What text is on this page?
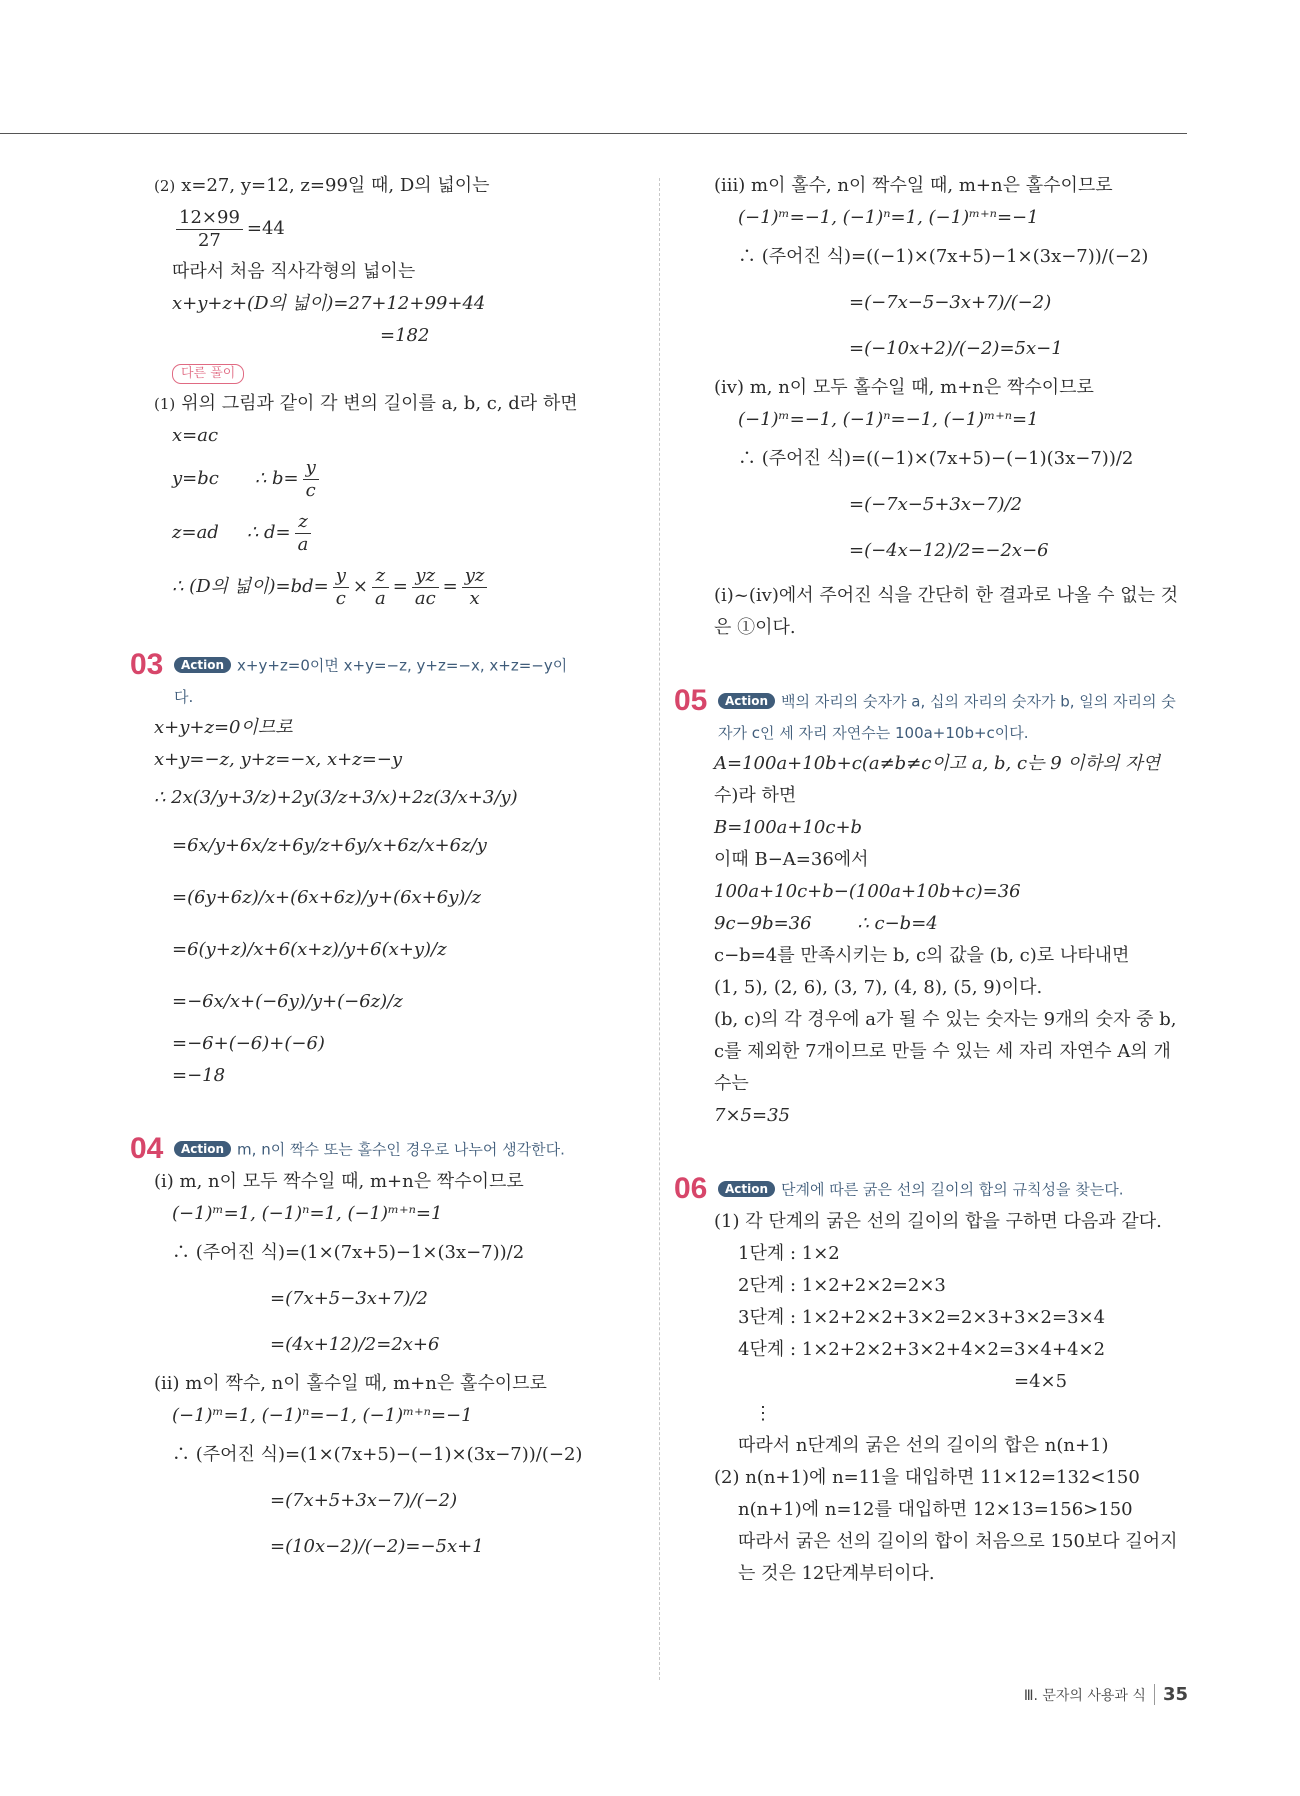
(2) x=27, y=12, z=99일 때, D의 넓이는
$\frac{12\times 99}{27} =44$
따라서 처음 직사각형의 넓이는
x+y+z+(D의 넓이)=27+12+99+44
=182
다른 풀이
(1) 위의 그림과 같이 각 변의 길이를 a, b, c, d라 하면
x=ac
y=bc ∴ $b= \frac{y}{c}$
z=ad ∴ $d= \frac{z}{a}$
∴ (D의 넓이)$=bd= \frac{y}{c} \times \frac{z}{a} = \frac{yz}{ac} = \frac{yz}{x}$
03 Action x+y+z=0이면 x+y=−z, y+z=−x, x+z=−y이
다.
x+y+z=0이므로
x+y=−z, y+z=−x, x+z=−y
∴ 2x(3/y+3/z)+2y(3/z+3/x)+2z(3/x+3/y)
=6x/y+6x/z+6y/z+6y/x+6z/x+6z/y
=(6y+6z)/x+(6x+6z)/y+(6x+6y)/z
=6(y+z)/x+6(x+z)/y+6(x+y)/z
=−6x/x+(−6y)/y+(−6z)/z
=−6+(−6)+(−6)
=−18
04 Action m, n이 짝수 또는 홀수인 경우로 나누어 생각한다.
(ⅰ) m, n이 모두 짝수일 때, m+n은 짝수이므로
(−1)ᵐ=1, (−1)ⁿ=1, (−1)ᵐ⁺ⁿ=1
∴ (주어진 식)=(1×(7x+5)−1×(3x−7))/2
=(7x+5−3x+7)/2
=(4x+12)/2=2x+6
(ⅱ) m이 짝수, n이 홀수일 때, m+n은 홀수이므로
(−1)ᵐ=1, (−1)ⁿ=−1, (−1)ᵐ⁺ⁿ=−1
∴ (주어진 식)=(1×(7x+5)−(−1)×(3x−7))/(−2)
=(7x+5+3x−7)/(−2)
=(10x−2)/(−2)=−5x+1
(ⅲ) m이 홀수, n이 짝수일 때, m+n은 홀수이므로
(−1)ᵐ=−1, (−1)ⁿ=1, (−1)ᵐ⁺ⁿ=−1
∴ (주어진 식)=((−1)×(7x+5)−1×(3x−7))/(−2)
=(−7x−5−3x+7)/(−2)
=(−10x+2)/(−2)=5x−1
(ⅳ) m, n이 모두 홀수일 때, m+n은 짝수이므로
(−1)ᵐ=−1, (−1)ⁿ=−1, (−1)ᵐ⁺ⁿ=1
∴ (주어진 식)=((−1)×(7x+5)−(−1)(3x−7))/2
=(−7x−5+3x−7)/2
=(−4x−12)/2=−2x−6
(ⅰ)~(ⅳ)에서 주어진 식을 간단히 한 결과로 나올 수 없는 것
은 ①이다.
05 Action 백의 자리의 숫자가 a, 십의 자리의 숫자가 b, 일의 자리의 숫
자가 c인 세 자리 자연수는 100a+10b+c이다.
A=100a+10b+c(a≠b≠c이고 a, b, c는 9 이하의 자연
수)라 하면
B=100a+10c+b
이때 B−A=36에서
100a+10c+b−(100a+10b+c)=36
9c−9b=36        ∴ c−b=4
c−b=4를 만족시키는 b, c의 값을 (b, c)로 나타내면
(1, 5), (2, 6), (3, 7), (4, 8), (5, 9)이다.
(b, c)의 각 경우에 a가 될 수 있는 숫자는 9개의 숫자 중 b,
c를 제외한 7개이므로 만들 수 있는 세 자리 자연수 A의 개
수는
7×5=35
06 Action 단계에 따른 굵은 선의 길이의 합의 규칙성을 찾는다.
(1) 각 단계의 굵은 선의 길이의 합을 구하면 다음과 같다.
1단계 : 1×2
2단계 : 1×2+2×2=2×3
3단계 : 1×2+2×2+3×2=2×3+3×2=3×4
4단계 : 1×2+2×2+3×2+4×2=3×4+4×2
=4×5
⋮
따라서 n단계의 굵은 선의 길이의 합은 n(n+1)
(2) n(n+1)에 n=11을 대입하면 11×12=132<150
n(n+1)에 n=12를 대입하면 12×13=156>150
따라서 굵은 선의 길이의 합이 처음으로 150보다 길어지
는 것은 12단계부터이다.
Ⅲ. 문자의 사용과 식 35
